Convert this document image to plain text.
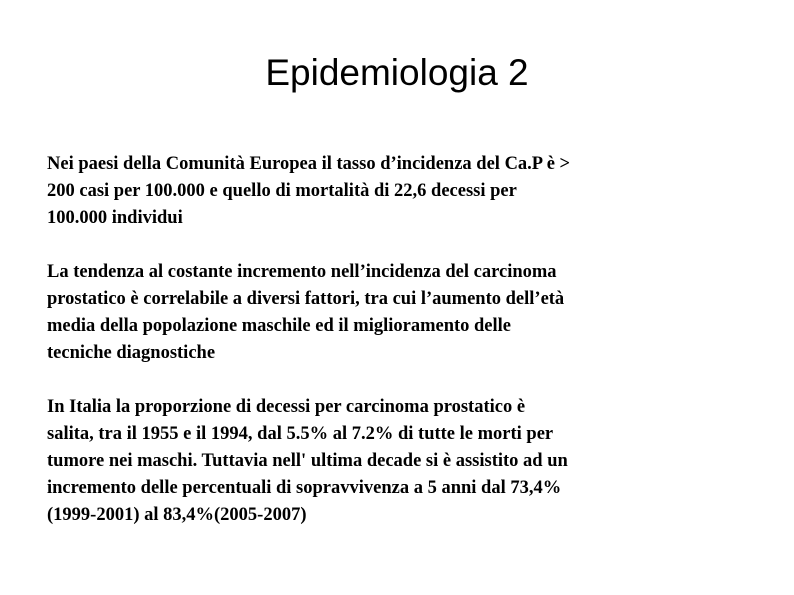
Epidemiologia 2

Nei paesi della Comunità Europea il tasso d’incidenza del Ca.P è >
200 casi per 100.000 e quello di mortalità di 22,6 decessi per
100.000 individui

La tendenza al costante incremento nell’incidenza del carcinoma
prostatico è correlabile a diversi fattori, tra cui l’aumento dell’età
media della popolazione maschile ed il miglioramento delle
tecniche diagnostiche

In Italia la proporzione di decessi per carcinoma prostatico è
salita, tra il 1955 e il 1994, dal 5.5% al 7.2% di tutte le morti per
tumore nei maschi. Tuttavia nell' ultima decade si è assistito ad un
incremento delle percentuali di sopravvivenza a 5 anni dal 73,4%
(1999-2001) al 83,4%(2005-2007)
